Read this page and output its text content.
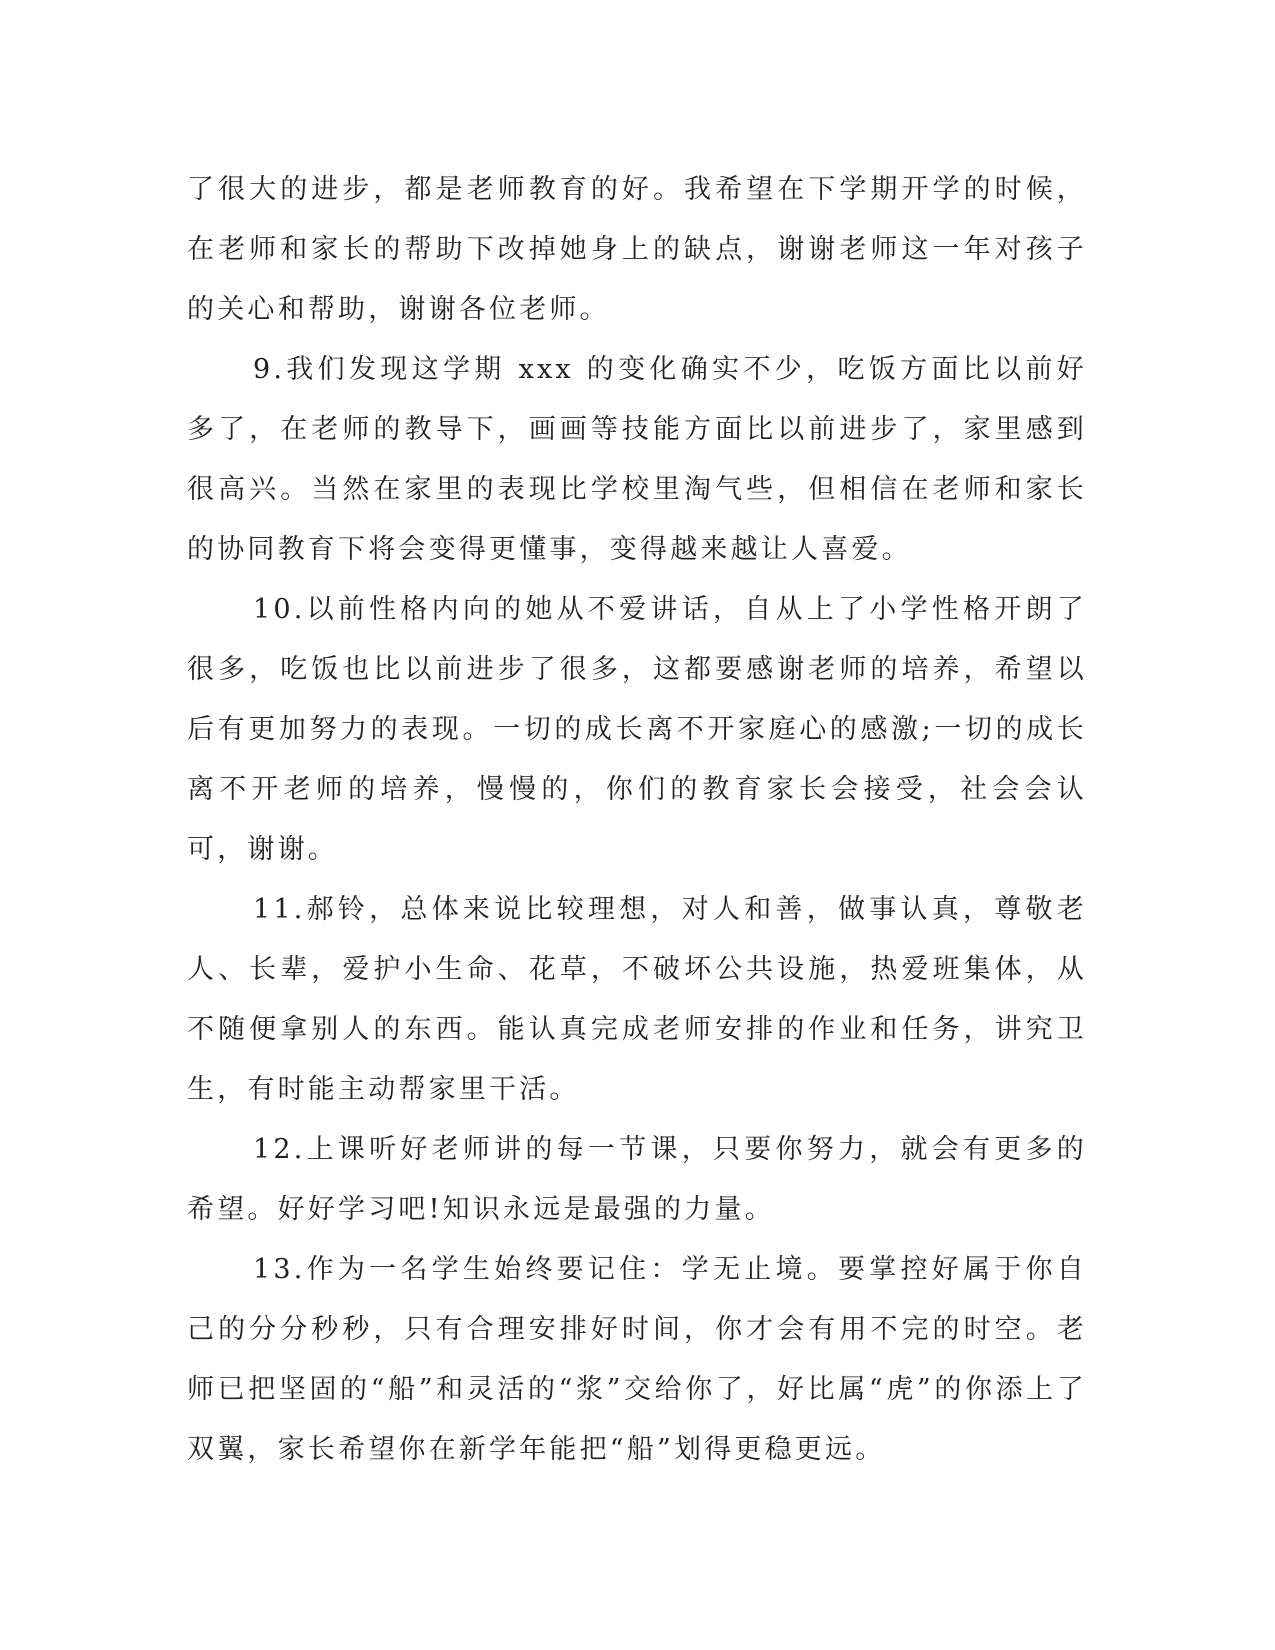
了很大的进步，都是老师教育的好。我希望在下学期开学的时候，在老师和家长的帮助下改掉她身上的缺点，谢谢老师这一年对孩子的关心和帮助，谢谢各位老师。

9.我们发现这学期 xxx 的变化确实不少，吃饭方面比以前好多了，在老师的教导下，画画等技能方面比以前进步了，家里感到很高兴。当然在家里的表现比学校里淘气些，但相信在老师和家长的协同教育下将会变得更懂事，变得越来越让人喜爱。

10.以前性格内向的她从不爱讲话，自从上了小学性格开朗了很多，吃饭也比以前进步了很多，这都要感谢老师的培养，希望以后有更加努力的表现。一切的成长离不开家庭心的感激;一切的成长离不开老师的培养，慢慢的，你们的教育家长会接受，社会会认可，谢谢。

11.郝铃，总体来说比较理想，对人和善，做事认真，尊敬老人、长辈，爱护小生命、花草，不破坏公共设施，热爱班集体，从不随便拿别人的东西。能认真完成老师安排的作业和任务，讲究卫生，有时能主动帮家里干活。

12.上课听好老师讲的每一节课，只要你努力，就会有更多的希望。好好学习吧!知识永远是最强的力量。

13.作为一名学生始终要记住：学无止境。要掌控好属于你自己的分分秒秒，只有合理安排好时间，你才会有用不完的时空。老师已把坚固的“船”和灵活的“浆”交给你了，好比属“虎”的你添上了双翼，家长希望你在新学年能把“船”划得更稳更远。
